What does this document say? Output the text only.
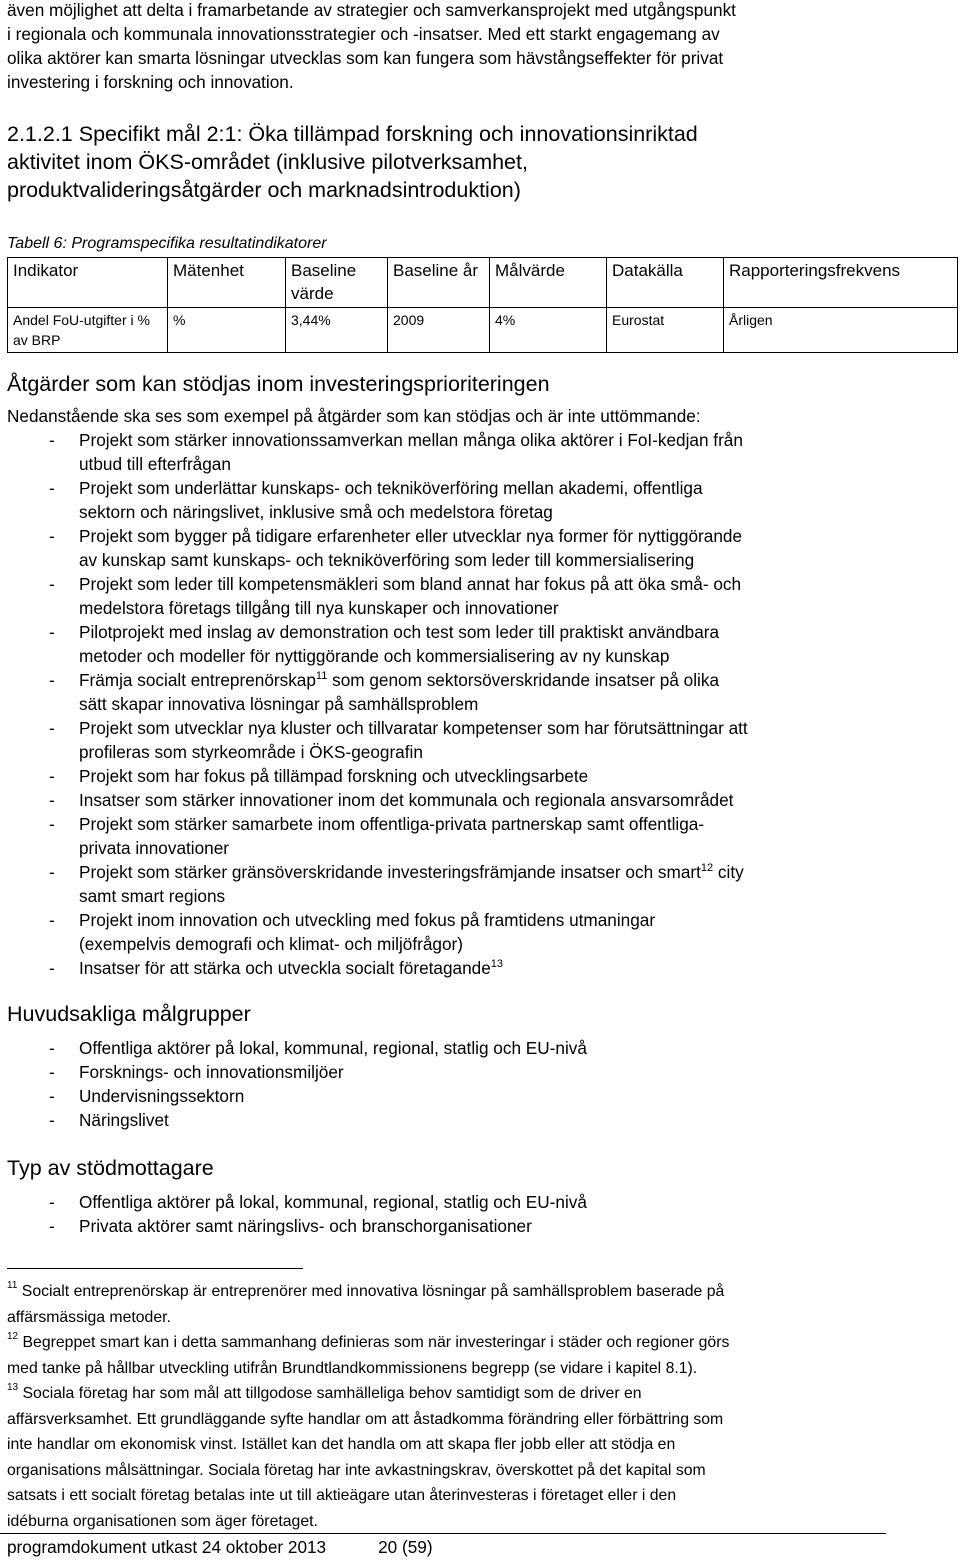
även möjlighet att delta i framarbetande av strategier och samverkansprojekt med utgångspunkt
i regionala och kommunala innovationsstrategier och -insatser. Med ett starkt engagemang av
olika aktörer kan smarta lösningar utvecklas som kan fungera som hävstångseffekter för privat
investering i forskning och innovation.
2.1.2.1 Specifikt mål 2:1: Öka tillämpad forskning och innovationsinriktad
aktivitet inom ÖKS-området (inklusive pilotverksamhet,
produktvalideringsåtgärder och marknadsintroduktion)
Tabell 6: Programspecifika resultatindikatorer
Indikator	Mätenhet	Baseline värde	Baseline år	Målvärde	Datakälla	Rapporteringsfrekvens
Andel FoU-utgifter i % av BRP	%	3,44%	2009	4%	Eurostat	Årligen
Åtgärder som kan stödjas inom investeringsprioriteringen
Nedanstående ska ses som exempel på åtgärder som kan stödjas och är inte uttömmande:
- Projekt som stärker innovationssamverkan mellan många olika aktörer i FoI-kedjan från
utbud till efterfrågan
- Projekt som underlättar kunskaps- och tekniköverföring mellan akademi, offentliga
sektorn och näringslivet, inklusive små och medelstora företag
- Projekt som bygger på tidigare erfarenheter eller utvecklar nya former för nyttiggörande
av kunskap samt kunskaps- och tekniköverföring som leder till kommersialisering
- Projekt som leder till kompetensmäkleri som bland annat har fokus på att öka små- och
medelstora företags tillgång till nya kunskaper och innovationer
- Pilotprojekt med inslag av demonstration och test som leder till praktiskt användbara
metoder och modeller för nyttiggörande och kommersialisering av ny kunskap
- Främja socialt entreprenörskap$^{11}$ som genom sektorsöverskridande insatser på olika
sätt skapar innovativa lösningar på samhällsproblem
- Projekt som utvecklar nya kluster och tillvaratar kompetenser som har förutsättningar att
profileras som styrkeområde i ÖKS-geografin
- Projekt som har fokus på tillämpad forskning och utvecklingsarbete
- Insatser som stärker innovationer inom det kommunala och regionala ansvarsområdet
- Projekt som stärker samarbete inom offentliga-privata partnerskap samt offentliga-
privata innovationer
- Projekt som stärker gränsöverskridande investeringsfrämjande insatser och smart$^{12}$ city
samt smart regions
- Projekt inom innovation och utveckling med fokus på framtidens utmaningar
(exempelvis demografi och klimat- och miljöfrågor)
- Insatser för att stärka och utveckla socialt företagande$^{13}$
Huvudsakliga målgrupper
- Offentliga aktörer på lokal, kommunal, regional, statlig och EU-nivå
- Forsknings- och innovationsmiljöer
- Undervisningssektorn
- Näringslivet
Typ av stödmottagare
- Offentliga aktörer på lokal, kommunal, regional, statlig och EU-nivå
- Privata aktörer samt näringslivs- och branschorganisationer
$^{11}$ Socialt entreprenörskap är entreprenörer med innovativa lösningar på samhällsproblem baserade på
affärsmässiga metoder.
$^{12}$ Begreppet smart kan i detta sammanhang definieras som när investeringar i städer och regioner görs
med tanke på hållbar utveckling utifrån Brundtlandkommissionens begrepp (se vidare i kapitel 8.1).
$^{13}$ Sociala företag har som mål att tillgodose samhälleliga behov samtidigt som de driver en
affärsverksamhet. Ett grundläggande syfte handlar om att åstadkomma förändring eller förbättring som
inte handlar om ekonomisk vinst. Istället kan det handla om att skapa fler jobb eller att stödja en
organisations målsättningar. Sociala företag har inte avkastningskrav, överskottet på det kapital som
satsats i ett socialt företag betalas inte ut till aktieägare utan återinvesteras i företaget eller i den
idéburna organisationen som äger företaget.
programdokument utkast 24 oktober 2013	20 (59)
